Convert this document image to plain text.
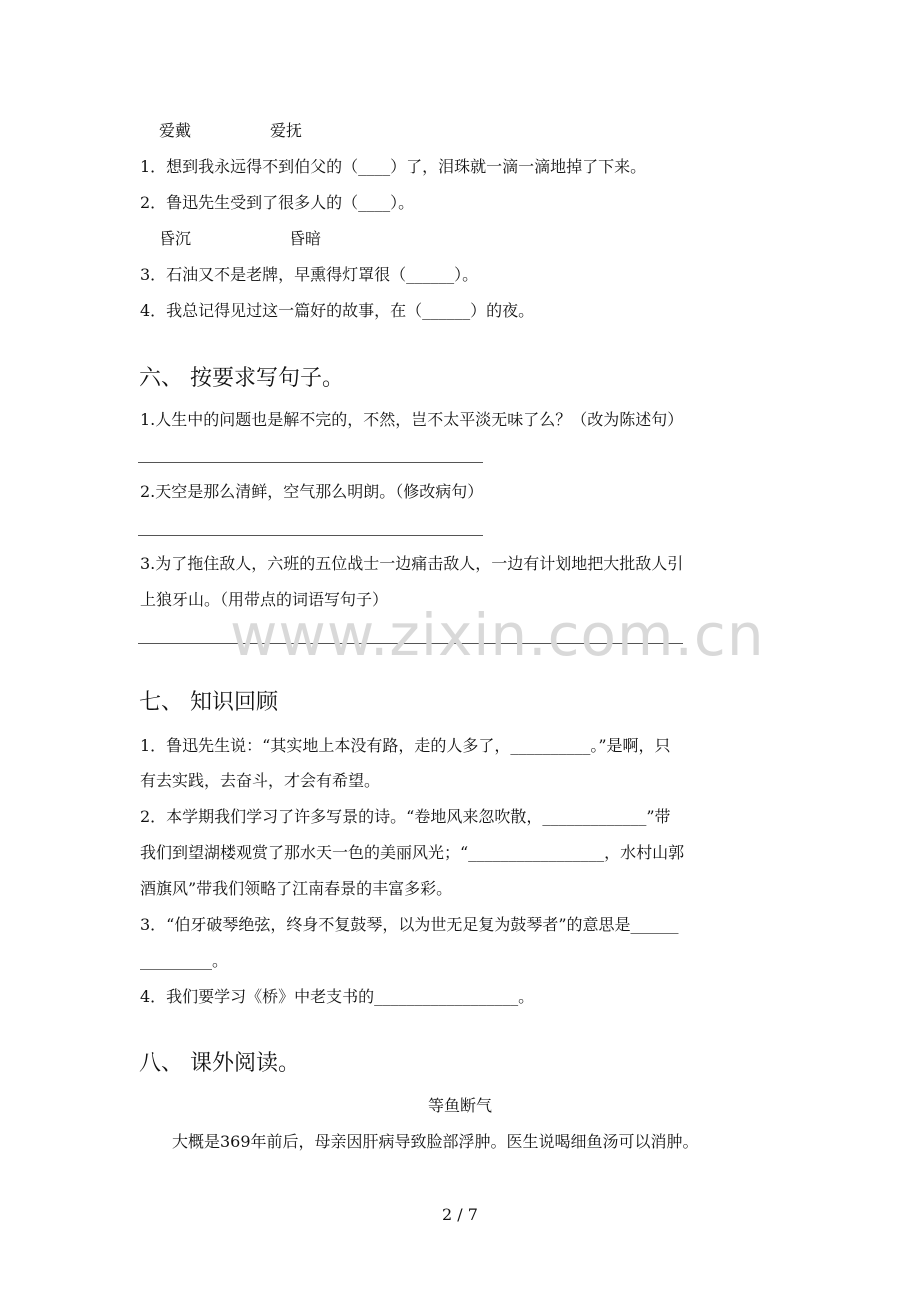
爱戴	爱抚
1．想到我永远得不到伯父的（____）了，泪珠就一滴一滴地掉了下来。
2．鲁迅先生受到了很多人的（____）。
昏沉	昏暗
3．石油又不是老牌，早熏得灯罩很（______）。
4．我总记得见过这一篇好的故事，在（______）的夜。
六、 按要求写句子。
1.人生中的问题也是解不完的，不然，岂不太平淡无味了么？（改为陈述句）
2.天空是那么清鲜，空气那么明朗。（修改病句）
3.为了拖住敌人，六班的五位战士一边痛击敌人，一边有计划地把大批敌人引
上狼牙山。（用带点的词语写句子）
www.zixin.com.cn
七、 知识回顾
1．鲁迅先生说：“其实地上本没有路，走的人多了，__________。”是啊，只
有去实践，去奋斗，才会有希望。
2．本学期我们学习了许多写景的诗。“卷地风来忽吹散，_____________”带
我们到望湖楼观赏了那水天一色的美丽风光；“_________________，水村山郭
酒旗风”带我们领略了江南春景的丰富多彩。
3．“伯牙破琴绝弦，终身不复鼓琴，以为世无足复为鼓琴者”的意思是______
_________。
4．我们要学习《桥》中老支书的__________________。
八、 课外阅读。
等鱼断气
大概是369年前后，母亲因肝病导致脸部浮肿。医生说喝细鱼汤可以消肿。
2 / 7
